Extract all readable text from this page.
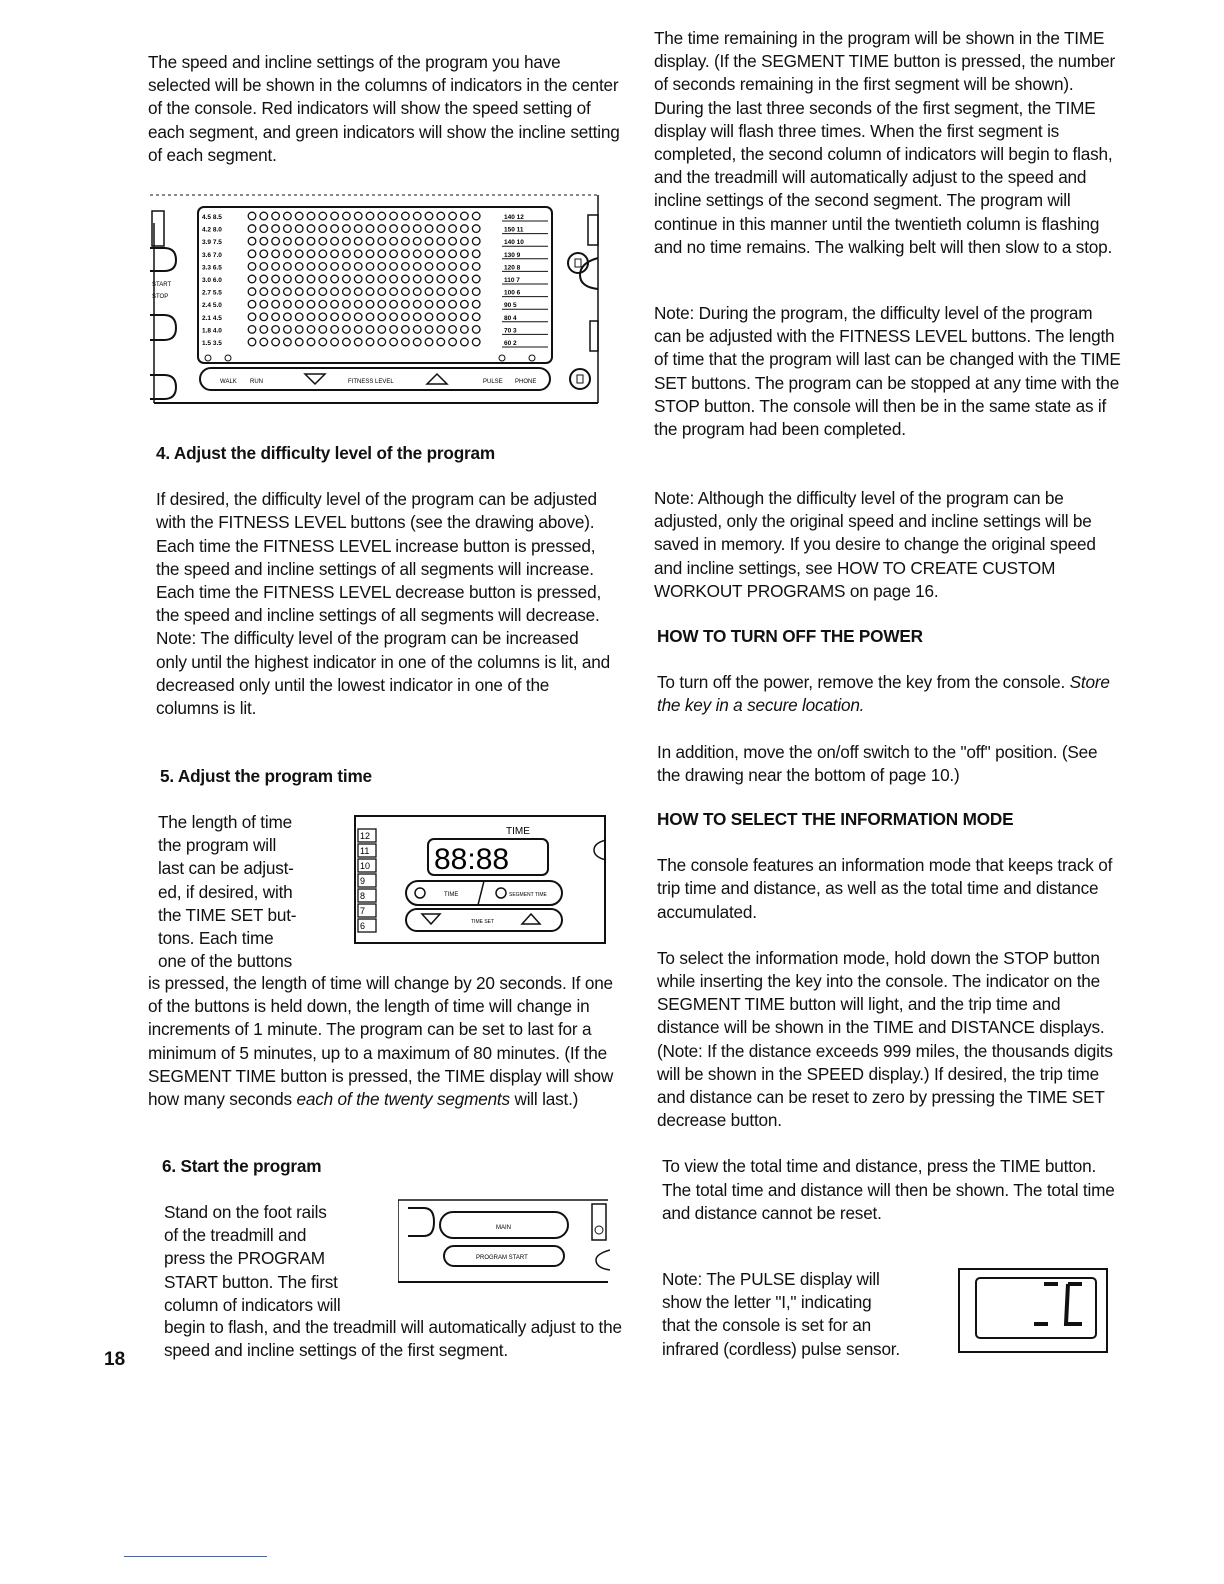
The speed and incline settings of the program you have selected will be shown in the columns of indicators in the center of the console. Red indicators will show the speed setting of each segment, and green indicators will show the incline setting of each segment.

4.5 8.5	140 12
4.2 8.0	150 11
3.9 7.5	140 10
3.6 7.0	130 9
3.3 6.5	120 8
3.0 6.0	110 7
2.7 5.5	100 6
2.4 5.0	90 5
2.1 4.5	80 4
1.8 4.0	70 3
1.5 3.5	60 2
WALK RUN	FITNESS LEVEL	PULSE PHONE
START
STOP

4. Adjust the difficulty level of the program

If desired, the difficulty level of the program can be adjusted with the FITNESS LEVEL buttons (see the drawing above). Each time the FITNESS LEVEL increase button is pressed, the speed and incline settings of all segments will increase. Each time the FITNESS LEVEL decrease button is pressed, the speed and incline settings of all segments will decrease. Note: The difficulty level of the program can be increased only until the highest indicator in one of the columns is lit, and decreased only until the lowest indicator in one of the columns is lit.

5. Adjust the program time

The length of time

the program will

last can be adjust-

ed, if desired, with

the TIME SET but-

tons. Each time

one of the buttons

12
11
10
9
8
7
6
TIME
88:88
TIME	SEGMENT TIME
TIME SET

is pressed, the length of time will change by 20 seconds. If one of the buttons is held down, the length of time will change in increments of 1 minute. The program can be set to last for a minimum of 5 minutes, up to a maximum of 80 minutes. (If the SEGMENT TIME button is pressed, the TIME display will show how many seconds each of the twenty segments will last.)

6. Start the program

Stand on the foot rails

of the treadmill and

press the PROGRAM

START button. The first

column of indicators will

MAIN
PROGRAM START

begin to flash, and the treadmill will automatically adjust to the speed and incline settings of the first segment.

18

The time remaining in the program will be shown in the TIME display. (If the SEGMENT TIME button is pressed, the number of seconds remaining in the first segment will be shown). During the last three seconds of the first segment, the TIME display will flash three times. When the first segment is completed, the second column of indicators will begin to flash, and the treadmill will automatically adjust to the speed and incline settings of the second segment. The program will continue in this manner until the twentieth column is flashing and no time remains. The walking belt will then slow to a stop.

Note: During the program, the difficulty level of the program can be adjusted with the FITNESS LEVEL buttons. The length of time that the program will last can be changed with the TIME SET buttons. The program can be stopped at any time with the STOP button. The console will then be in the same state as if the program had been completed.

Note: Although the difficulty level of the program can be adjusted, only the original speed and incline settings will be saved in memory. If you desire to change the original speed and incline settings, see HOW TO CREATE CUSTOM WORKOUT PROGRAMS on page 16.

HOW TO TURN OFF THE POWER

To turn off the power, remove the key from the console. Store the key in a secure location.

In addition, move the on/off switch to the "off" position. (See the drawing near the bottom of page 10.)

HOW TO SELECT THE INFORMATION MODE

The console features an information mode that keeps track of trip time and distance, as well as the total time and distance accumulated.

To select the information mode, hold down the STOP button while inserting the key into the console. The indicator on the SEGMENT TIME button will light, and the trip time and distance will be shown in the TIME and DISTANCE displays. (Note: If the distance exceeds 999 miles, the thousands digits will be shown in the SPEED display.) If desired, the trip time and distance can be reset to zero by pressing the TIME SET decrease button.

To view the total time and distance, press the TIME button. The total time and distance will then be shown. The total time and distance cannot be reset.

Note: The PULSE display will

show the letter "I," indicating

that the console is set for an

infrared (cordless) pulse sensor.
